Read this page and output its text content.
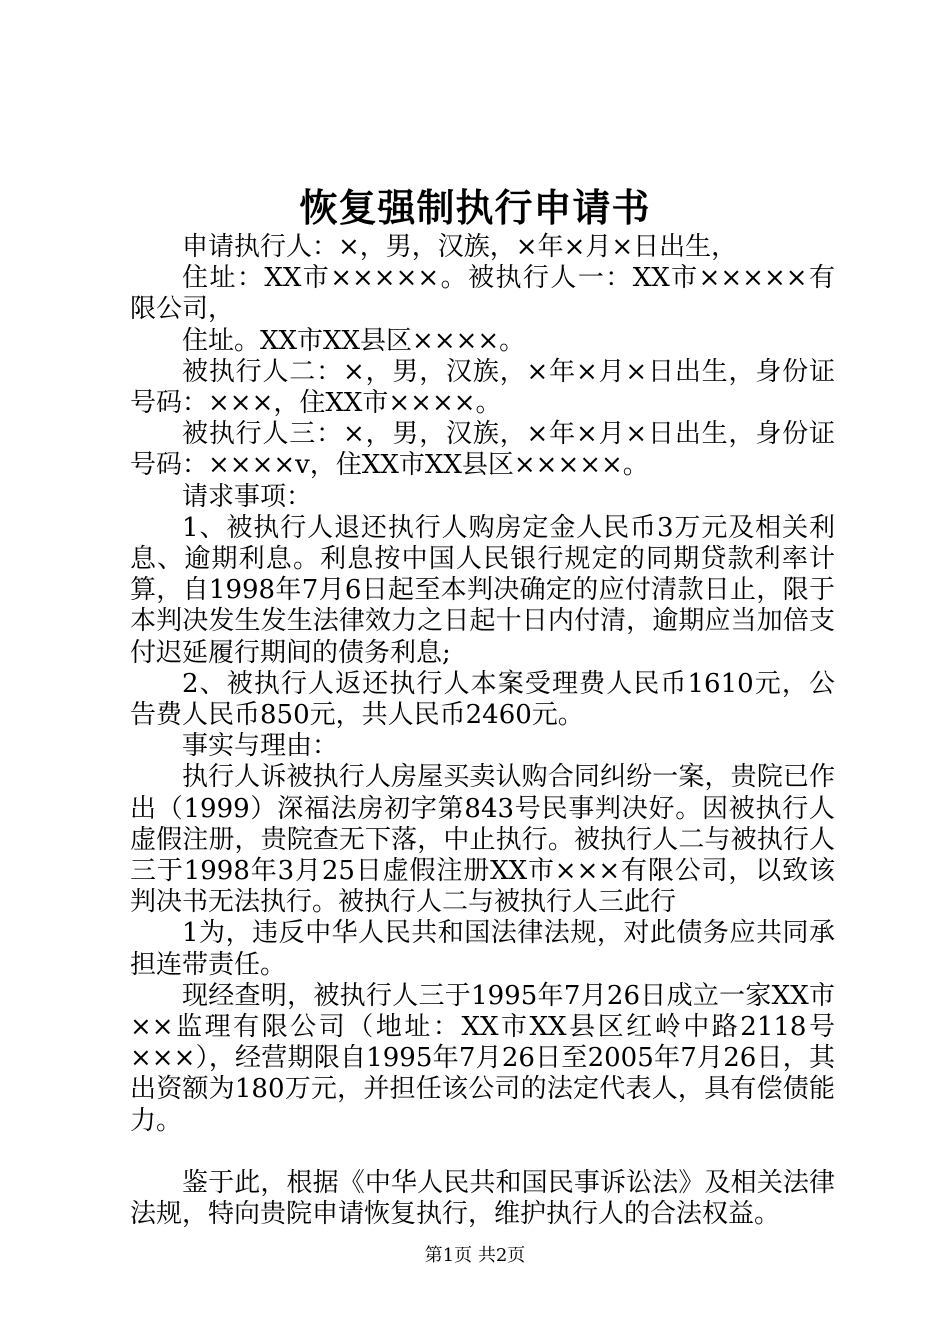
恢复强制执行申请书

申请执行人：×，男，汉族，×年×月×日出生，

住址：XX市×××××。被执行人一：XX市×××××有限公司，

住址。XX市XX县区××××。

被执行人二：×，男，汉族，×年×月×日出生，身份证号码：×××，住XX市××××。

被执行人三：×，男，汉族，×年×月×日出生，身份证号码：××××v，住XX市XX县区×××××。

请求事项：

1、被执行人退还执行人购房定金人民币3万元及相关利息、逾期利息。利息按中国人民银行规定的同期贷款利率计算，自1998年7月6日起至本判决确定的应付清款日止，限于本判决发生发生法律效力之日起十日内付清，逾期应当加倍支付迟延履行期间的债务利息;

2、被执行人返还执行人本案受理费人民币1610元，公告费人民币850元，共人民币2460元。

事实与理由：

执行人诉被执行人房屋买卖认购合同纠纷一案，贵院已作出（1999）深福法房初字第843号民事判决好。因被执行人虚假注册，贵院查无下落，中止执行。被执行人二与被执行人三于1998年3月25日虚假注册XX市×××有限公司，以致该判决书无法执行。被执行人二与被执行人三此行

1为，违反中华人民共和国法律法规，对此债务应共同承担连带责任。

现经查明，被执行人三于1995年7月26日成立一家XX市××监理有限公司（地址：XX市XX县区红岭中路2118号×××），经营期限自1995年7月26日至2005年7月26日，其出资额为180万元，并担任该公司的法定代表人，具有偿债能力。

鉴于此，根据《中华人民共和国民事诉讼法》及相关法律法规，特向贵院申请恢复执行，维护执行人的合法权益。

第1页 共2页
